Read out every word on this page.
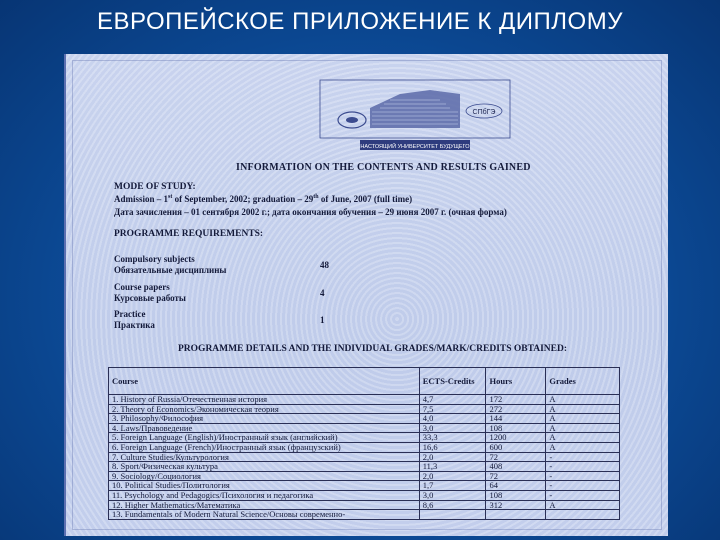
ЕВРОПЕЙСКОЕ ПРИЛОЖЕНИЕ К ДИПЛОМУ
СПбГЭ
НАСТОЯЩИЙ УНИВЕРСИТЕТ БУДУЩЕГО
INFORMATION ON THE CONTENTS AND RESULTS GAINED
MODE OF STUDY:
Admission – 1st of September, 2002; graduation – 29th of June, 2007 (full time)
Дата зачисления – 01 сентября 2002 г.; дата окончания обучения – 29 июня 2007 г. (очная форма)
PROGRAMME REQUIREMENTS:
Compulsory subjects
Обязательные дисциплины	48
Course papers
Курсовые работы	4
Practice
Практика	1
PROGRAMME DETAILS AND THE INDIVIDUAL GRADES/MARK/CREDITS OBTAINED:
Course	ECTS-Credits	Hours	Grades
1. History of Russia/Отечественная история	4,7	172	A
2. Theory of Economics/Экономическая теория	7,5	272	A
3. Philosophy/Философия	4,0	144	A
4. Laws/Правоведение	3,0	108	A
5. Foreign Language (English)/Иностранный язык (английский)	33,3	1200	A
6. Foreign Language (French)/Иностранный язык (французский)	16,6	600	A
7. Culture Studies/Культурология	2,0	72	-
8. Sport/Физическая культура	11,3	408	-
9. Sociology/Социология	2,0	72	-
10. Political Studies/Политология	1,7	64	-
11. Psychology and Pedagogics/Психология и педагогика	3,0	108	-
12. Higher Mathematics/Математика	8,6	312	A
13. Fundamentals of Modern Natural Science/Основы современно-			
